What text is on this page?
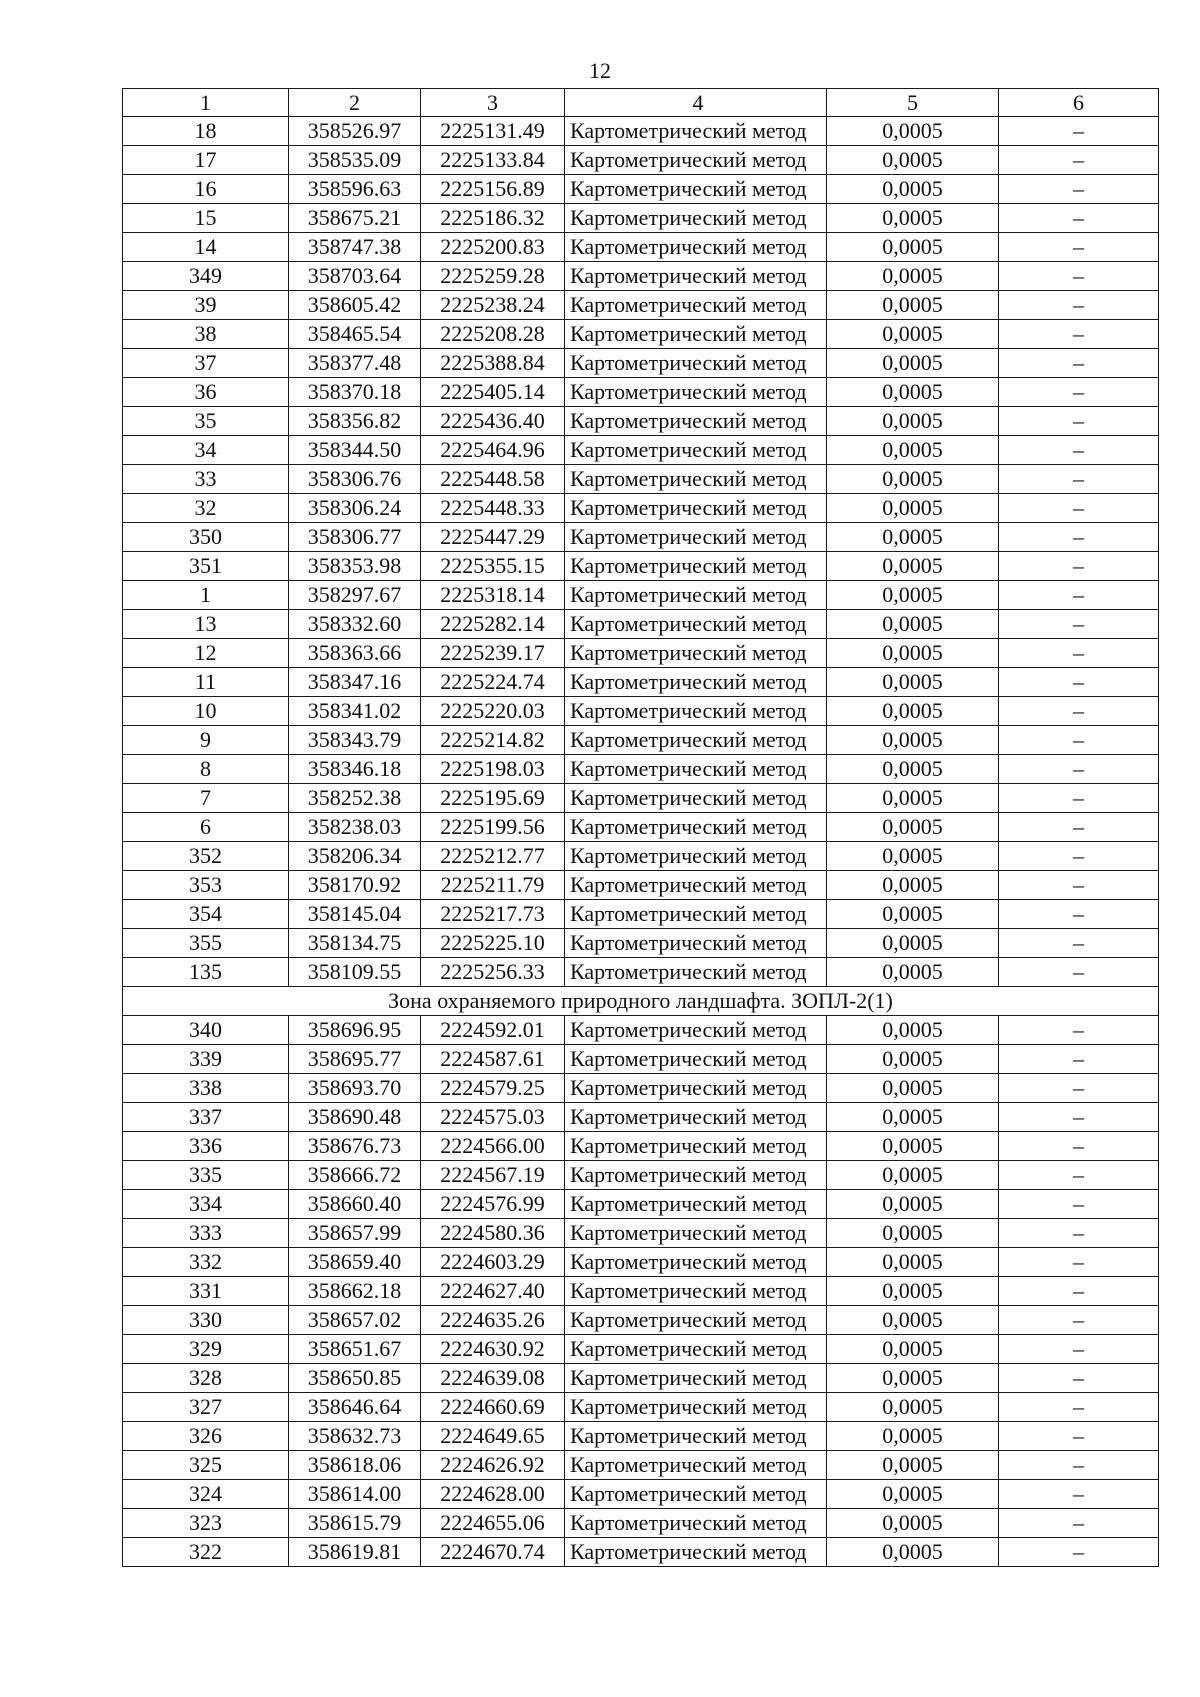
12
1	2	3	4	5	6
18	358526.97	2225131.49	Картометрический метод	0,0005	–
17	358535.09	2225133.84	Картометрический метод	0,0005	–
16	358596.63	2225156.89	Картометрический метод	0,0005	–
15	358675.21	2225186.32	Картометрический метод	0,0005	–
14	358747.38	2225200.83	Картометрический метод	0,0005	–
349	358703.64	2225259.28	Картометрический метод	0,0005	–
39	358605.42	2225238.24	Картометрический метод	0,0005	–
38	358465.54	2225208.28	Картометрический метод	0,0005	–
37	358377.48	2225388.84	Картометрический метод	0,0005	–
36	358370.18	2225405.14	Картометрический метод	0,0005	–
35	358356.82	2225436.40	Картометрический метод	0,0005	–
34	358344.50	2225464.96	Картометрический метод	0,0005	–
33	358306.76	2225448.58	Картометрический метод	0,0005	–
32	358306.24	2225448.33	Картометрический метод	0,0005	–
350	358306.77	2225447.29	Картометрический метод	0,0005	–
351	358353.98	2225355.15	Картометрический метод	0,0005	–
1	358297.67	2225318.14	Картометрический метод	0,0005	–
13	358332.60	2225282.14	Картометрический метод	0,0005	–
12	358363.66	2225239.17	Картометрический метод	0,0005	–
11	358347.16	2225224.74	Картометрический метод	0,0005	–
10	358341.02	2225220.03	Картометрический метод	0,0005	–
9	358343.79	2225214.82	Картометрический метод	0,0005	–
8	358346.18	2225198.03	Картометрический метод	0,0005	–
7	358252.38	2225195.69	Картометрический метод	0,0005	–
6	358238.03	2225199.56	Картометрический метод	0,0005	–
352	358206.34	2225212.77	Картометрический метод	0,0005	–
353	358170.92	2225211.79	Картометрический метод	0,0005	–
354	358145.04	2225217.73	Картометрический метод	0,0005	–
355	358134.75	2225225.10	Картометрический метод	0,0005	–
135	358109.55	2225256.33	Картометрический метод	0,0005	–
Зона охраняемого природного ландшафта. ЗОПЛ-2(1)					
340	358696.95	2224592.01	Картометрический метод	0,0005	–
339	358695.77	2224587.61	Картометрический метод	0,0005	–
338	358693.70	2224579.25	Картометрический метод	0,0005	–
337	358690.48	2224575.03	Картометрический метод	0,0005	–
336	358676.73	2224566.00	Картометрический метод	0,0005	–
335	358666.72	2224567.19	Картометрический метод	0,0005	–
334	358660.40	2224576.99	Картометрический метод	0,0005	–
333	358657.99	2224580.36	Картометрический метод	0,0005	–
332	358659.40	2224603.29	Картометрический метод	0,0005	–
331	358662.18	2224627.40	Картометрический метод	0,0005	–
330	358657.02	2224635.26	Картометрический метод	0,0005	–
329	358651.67	2224630.92	Картометрический метод	0,0005	–
328	358650.85	2224639.08	Картометрический метод	0,0005	–
327	358646.64	2224660.69	Картометрический метод	0,0005	–
326	358632.73	2224649.65	Картометрический метод	0,0005	–
325	358618.06	2224626.92	Картометрический метод	0,0005	–
324	358614.00	2224628.00	Картометрический метод	0,0005	–
323	358615.79	2224655.06	Картометрический метод	0,0005	–
322	358619.81	2224670.74	Картометрический метод	0,0005	–
